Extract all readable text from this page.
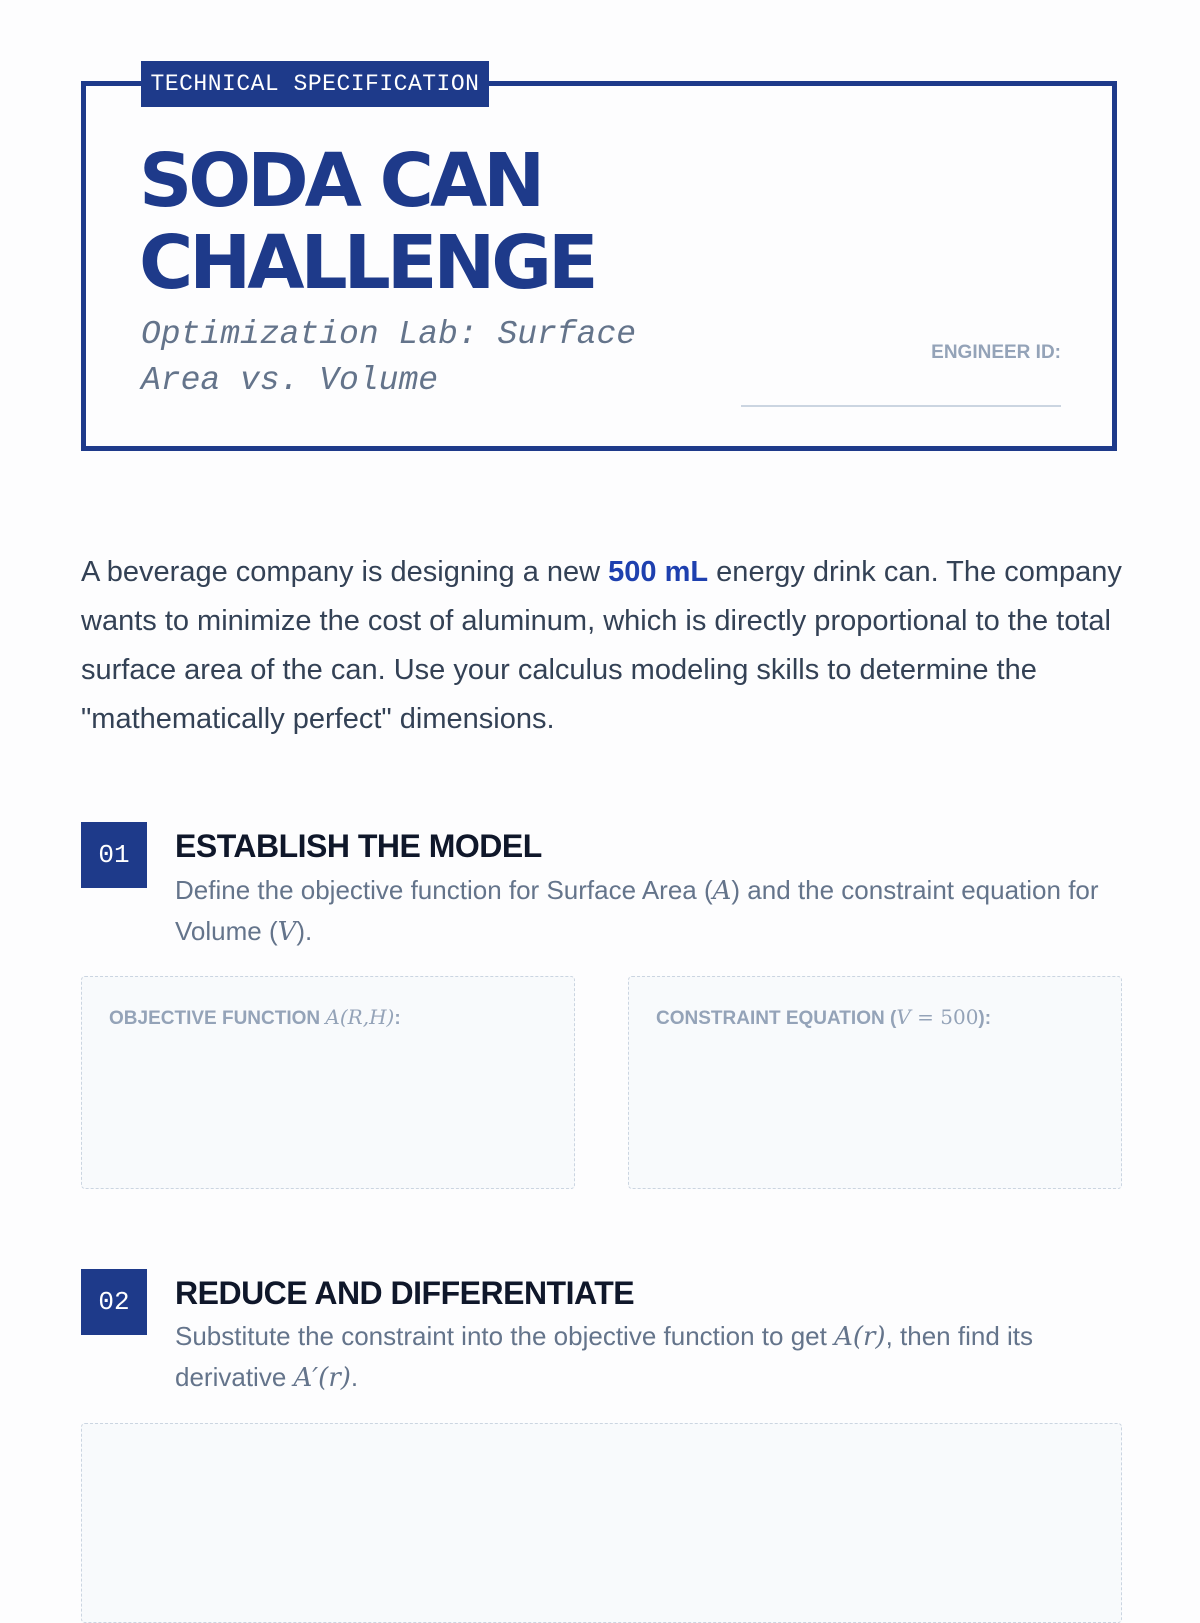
TECHNICAL SPECIFICATION
SODA CAN
CHALLENGE
Optimization Lab: Surface Area vs. Volume
ENGINEER ID:

A beverage company is designing a new 500 mL energy drink can. The company wants to minimize the cost of aluminum, which is directly proportional to the total surface area of the can. Use your calculus modeling skills to determine the "mathematically perfect" dimensions.

01	ESTABLISH THE MODEL

Define the objective function for Surface Area (A) and the constraint equation for Volume (V).

OBJECTIVE FUNCTION A(R,H):	CONSTRAINT EQUATION (V = 500):
02	REDUCE AND DIFFERENTIATE

Substitute the constraint into the objective function to get A(r), then find its derivative A′(r).
